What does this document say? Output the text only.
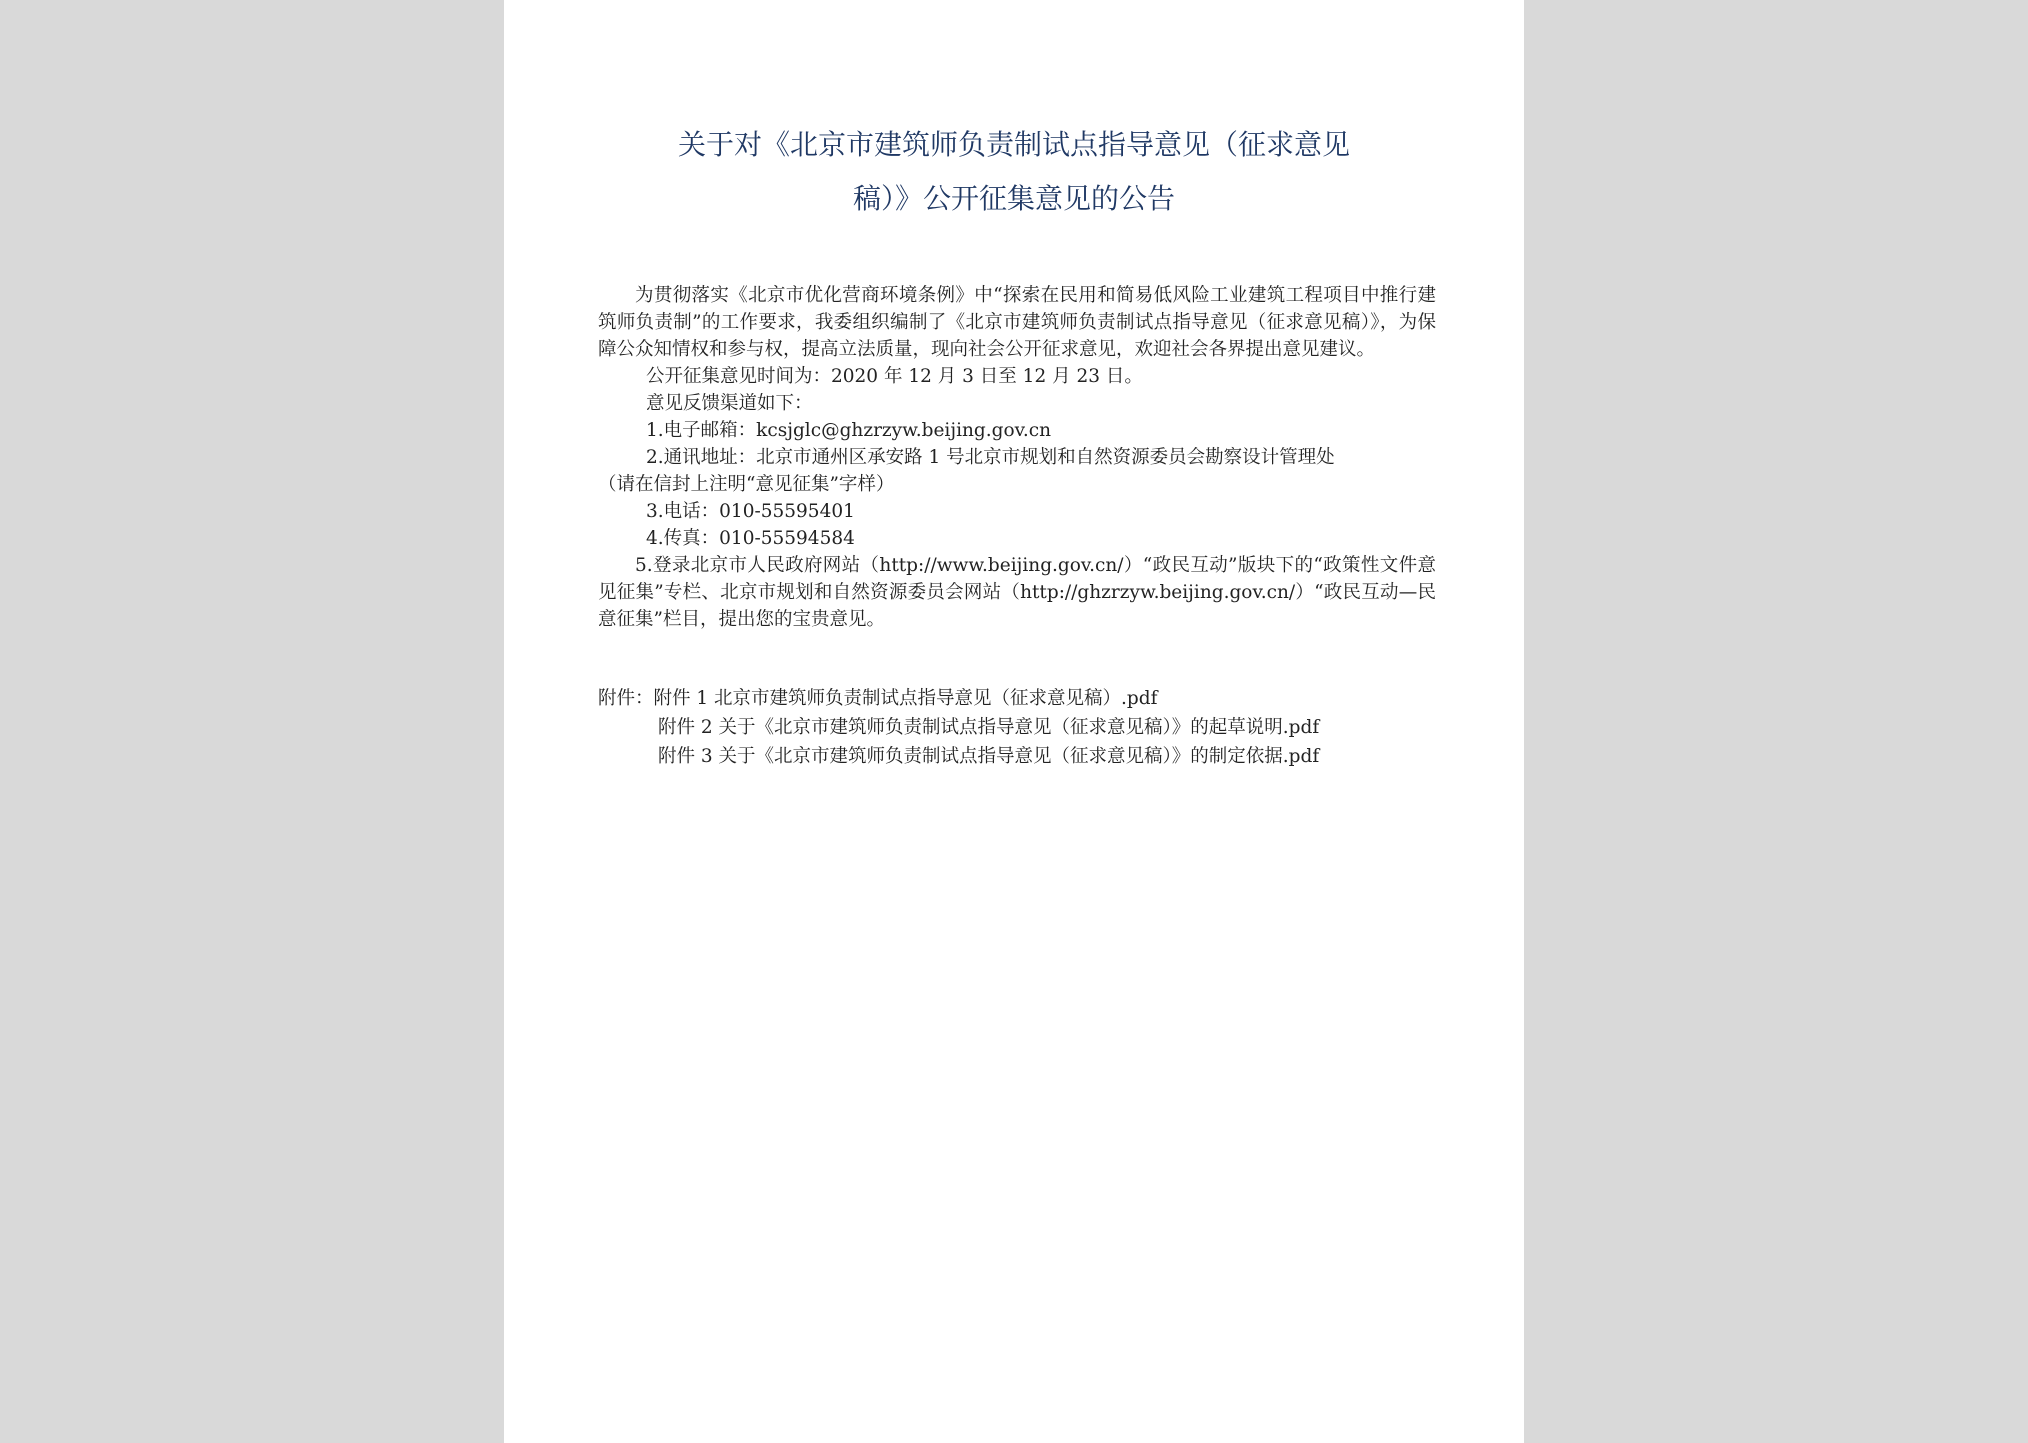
关于对《北京市建筑师负责制试点指导意见（征求意见
稿）》公开征集意见的公告

为贯彻落实《北京市优化营商环境条例》中“探索在民用和简易低风险工业建筑工程项目中推行建筑师负责制”的工作要求，我委组织编制了《北京市建筑师负责制试点指导意见（征求意见稿）》，为保障公众知情权和参与权，提高立法质量，现向社会公开征求意见，欢迎社会各界提出意见建议。

公开征集意见时间为：2020 年 12 月 3 日至 12 月 23 日。

意见反馈渠道如下：

1.电子邮箱：kcsjglc@ghzrzyw.beijing.gov.cn

2.通讯地址：北京市通州区承安路 1 号北京市规划和自然资源委员会勘察设计管理处

（请在信封上注明“意见征集”字样）

3.电话：010-55595401

4.传真：010-55594584

5.登录北京市人民政府网站（http://www.beijing.gov.cn/）“政民互动”版块下的“政策性文件意见征集”专栏、北京市规划和自然资源委员会网站（http://ghzrzyw.beijing.gov.cn/）“政民互动—民意征集”栏目，提出您的宝贵意见。

附件：附件 1 北京市建筑师负责制试点指导意见（征求意见稿）.pdf

附件 2 关于《北京市建筑师负责制试点指导意见（征求意见稿）》的起草说明.pdf

附件 3 关于《北京市建筑师负责制试点指导意见（征求意见稿）》的制定依据.pdf
